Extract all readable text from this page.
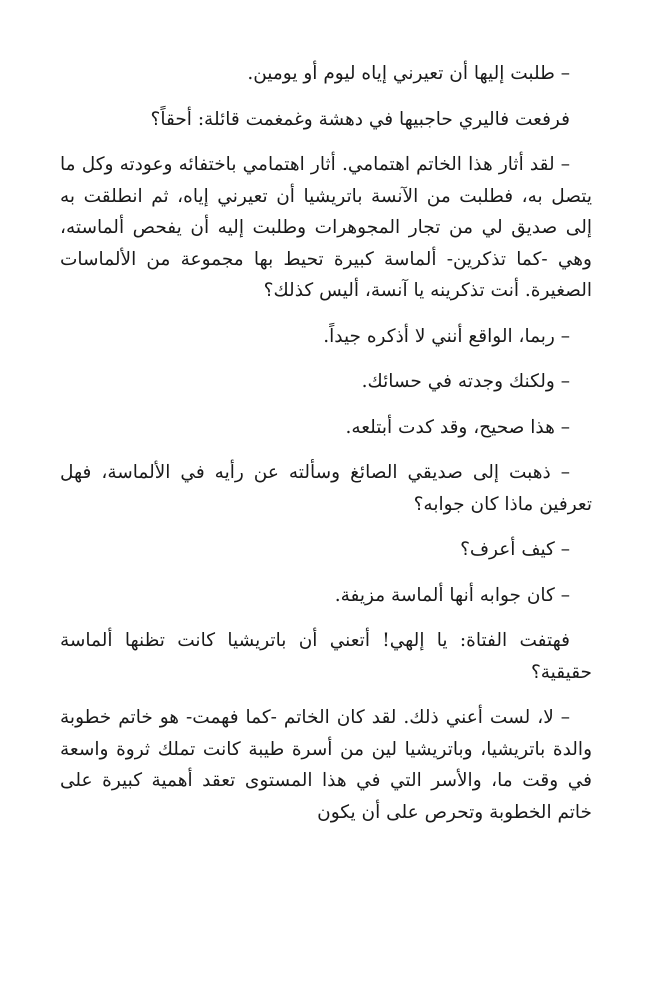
– طلبت إليها أن تعيرني إياه ليوم أو يومين.

فرفعت فاليري حاجبيها في دهشة وغمغمت قائلة: أحقاً؟

– لقد أثار هذا الخاتم اهتمامي. أثار اهتمامي باختفائه وعودته وكل ما يتصل به، فطلبت من الآنسة باتريشيا أن تعيرني إياه، ثم انطلقت به إلى صديق لي من تجار المجوهرات وطلبت إليه أن يفحص ألماسته، وهي -كما تذكرين- ألماسة كبيرة تحيط بها مجموعة من الألماسات الصغيرة. أنت تذكرينه يا آنسة، أليس كذلك؟

– ربما، الواقع أنني لا أذكره جيداً.

– ولكنك وجدته في حسائك.

– هذا صحيح، وقد كدت أبتلعه.

– ذهبت إلى صديقي الصائغ وسألته عن رأيه في الألماسة، فهل تعرفين ماذا كان جوابه؟

– كيف أعرف؟

– كان جوابه أنها ألماسة مزيفة.

فهتفت الفتاة: يا إلهي! أتعني أن باتريشيا كانت تظنها ألماسة حقيقية؟

– لا، لست أعني ذلك. لقد كان الخاتم -كما فهمت- هو خاتم خطوبة والدة باتريشيا، وباتريشيا لين من أسرة طيبة كانت تملك ثروة واسعة في وقت ما، والأسر التي في هذا المستوى تعقد أهمية كبيرة على خاتم الخطوبة وتحرص على أن يكون
